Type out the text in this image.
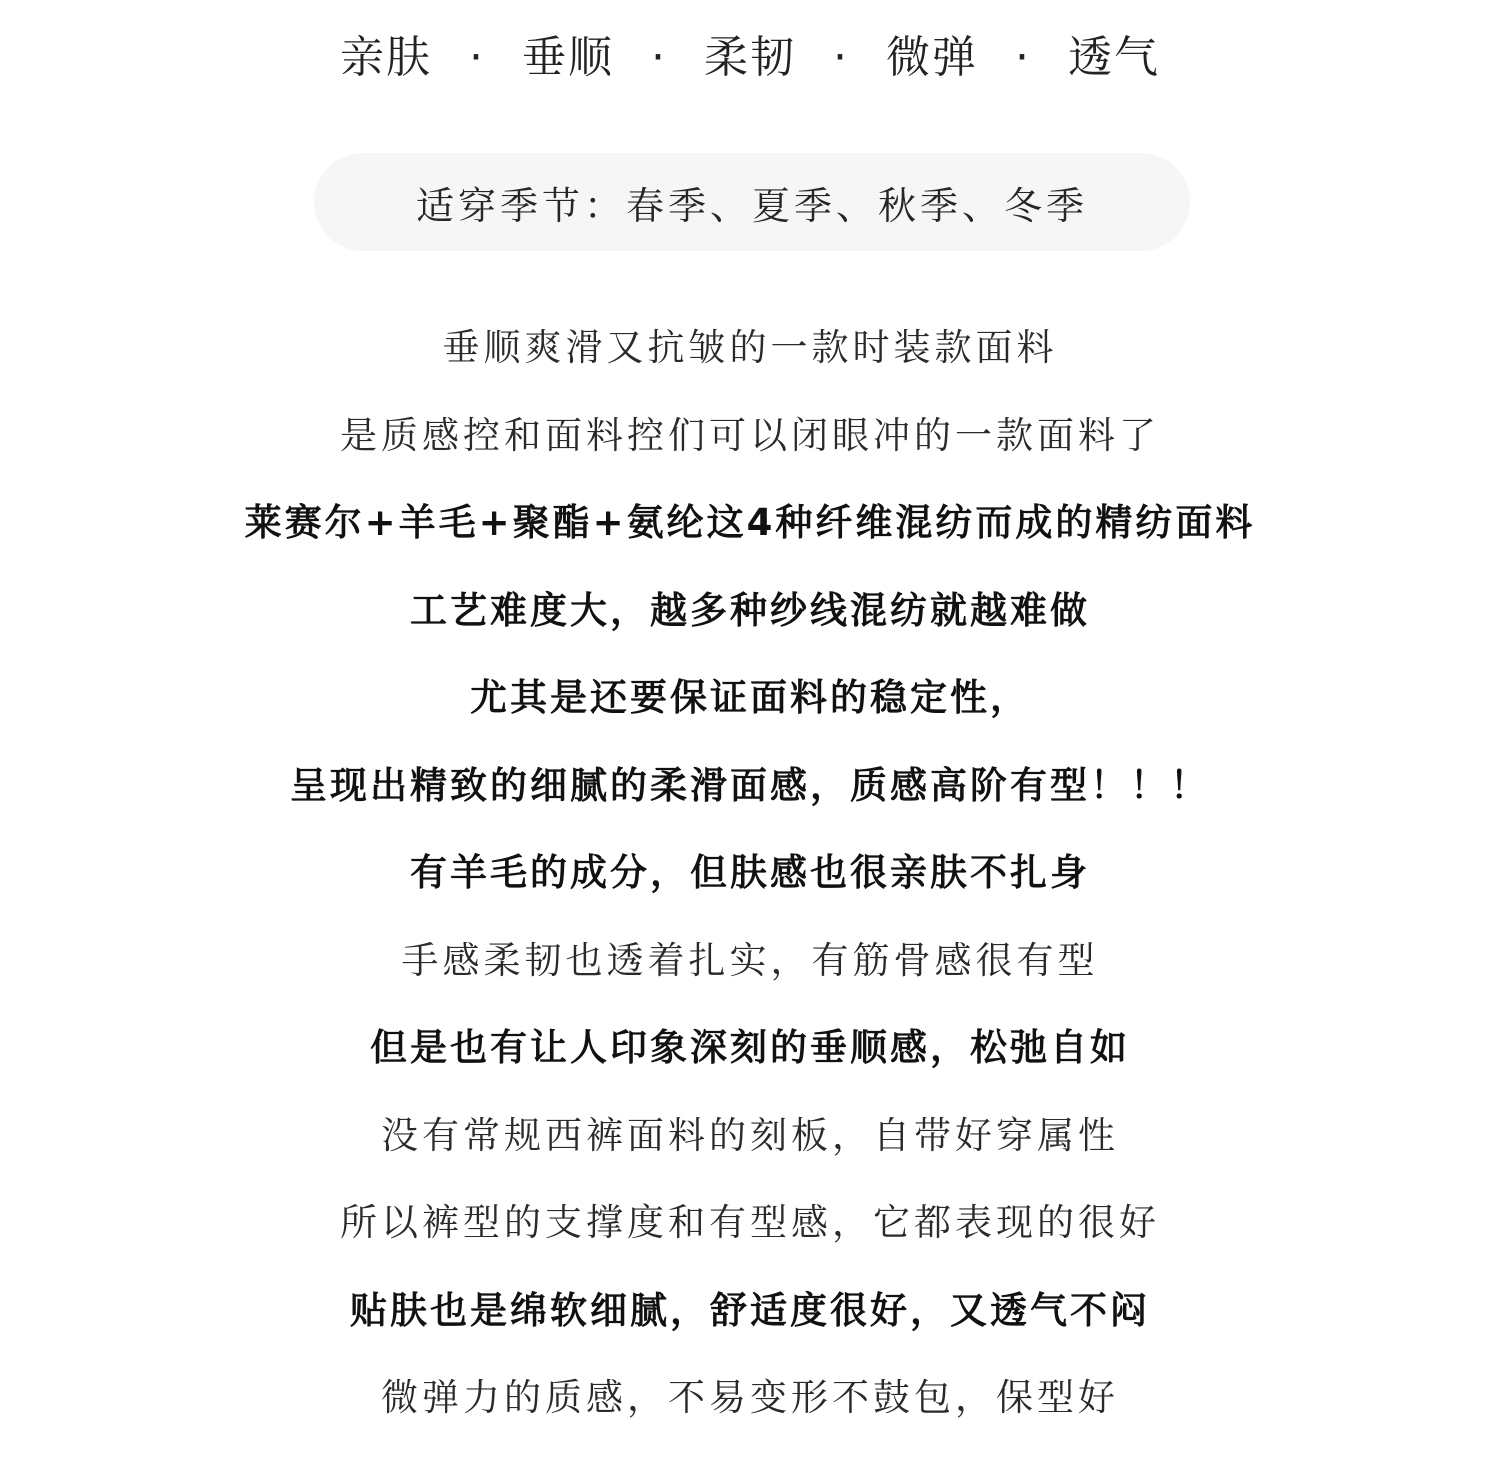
亲肤 · 垂顺 · 柔韧 · 微弹 · 透气
适穿季节：春季、夏季、秋季、冬季
垂顺爽滑又抗皱的一款时装款面料
是质感控和面料控们可以闭眼冲的一款面料了
莱赛尔+羊毛+聚酯+氨纶这4种纤维混纺而成的精纺面料
工艺难度大，越多种纱线混纺就越难做
尤其是还要保证面料的稳定性，
呈现出精致的细腻的柔滑面感，质感高阶有型！！！
有羊毛的成分，但肤感也很亲肤不扎身
手感柔韧也透着扎实，有筋骨感很有型
但是也有让人印象深刻的垂顺感，松弛自如
没有常规西裤面料的刻板，自带好穿属性
所以裤型的支撑度和有型感，它都表现的很好
贴肤也是绵软细腻，舒适度很好，又透气不闷
微弹力的质感，不易变形不鼓包，保型好
